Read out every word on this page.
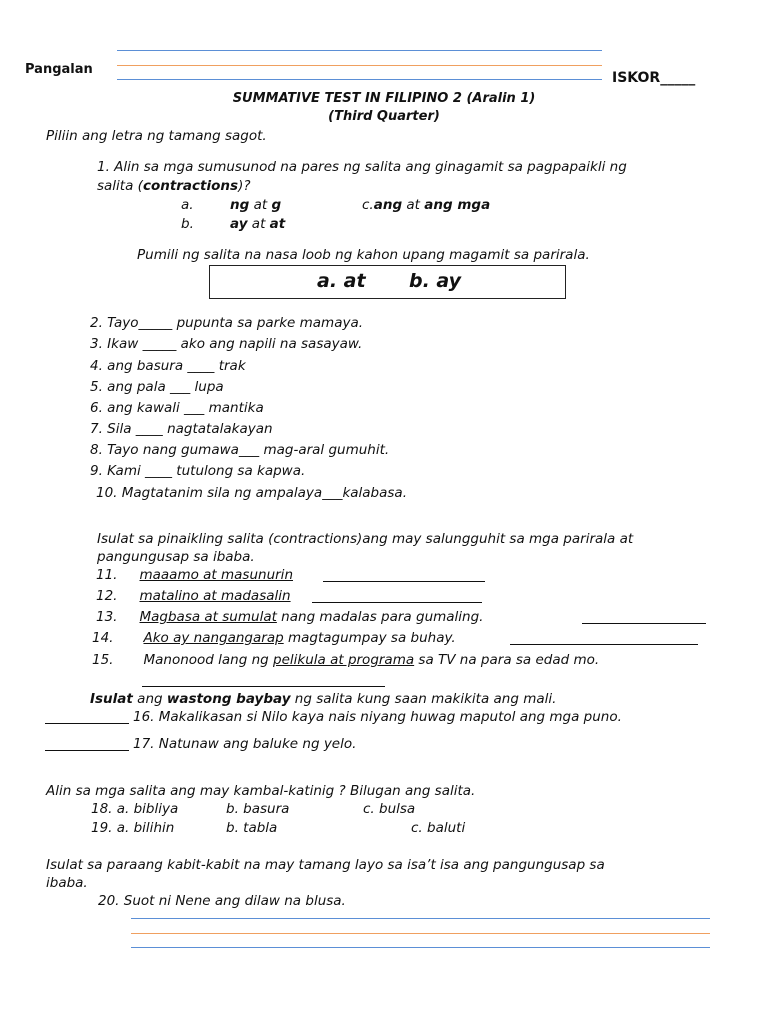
Pangalan
ISKOR_____
SUMMATIVE TEST IN FILIPINO 2 (Aralin 1)
(Third Quarter)
Piliin ang letra ng tamang sagot.
1. Alin sa mga sumusunod na pares ng salita ang ginagamit sa pagpapaikli ng
salita (contractions)?
a.	ng at g	c.ang at ang mga
b.	ay at at
Pumili ng salita na nasa loob ng kahon upang magamit sa parirala.
a. at b. ay
2. Tayo_____ pupunta sa parke mamaya.
3. Ikaw _____ ako ang napili na sasayaw.
4. ang basura ____ trak
5. ang pala ___ lupa
6. ang kawali ___ mantika
7. Sila ____ nagtatalakayan
8. Tayo nang gumawa___ mag-aral gumuhit.
9. Kami ____ tutulong sa kapwa.
10. Magtatanim sila ng ampalaya___kalabasa.
Isulat sa pinaikling salita (contractions)ang may salungguhit sa mga parirala at
pangungusap sa ibaba.
11. maaamo at masunurin
12. matalino at madasalin
13. Magbasa at sumulat nang madalas para gumaling.
14. Ako ay nangangarap magtagumpay sa buhay.
15. Manonood lang ng pelikula at programa sa TV na para sa edad mo.
Isulat ang wastong baybay ng salita kung saan makikita ang mali.
16. Makalikasan si Nilo kaya nais niyang huwag maputol ang mga puno.
17. Natunaw ang baluke ng yelo.
Alin sa mga salita ang may kambal-katinig ? Bilugan ang salita.
18. a. bibliya	b. basura	c. bulsa
19. a. bilihin	b. tabla	c. baluti
Isulat sa paraang kabit-kabit na may tamang layo sa isa’t isa ang pangungusap sa
ibaba.
20. Suot ni Nene ang dilaw na blusa.
